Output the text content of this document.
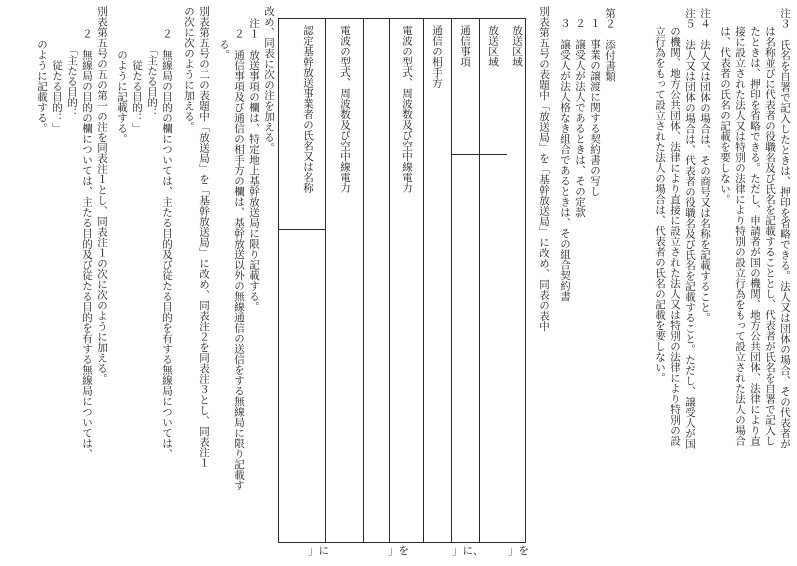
注３　氏名を自署で記入したときは、押印を省略できる。法人又は団体の場合、その代表者が
は名称並びに代表者の役職名及び氏名を記載することとし、代表者が氏名を自署で記入し
たときは、押印を省略できる。ただし、申請者が国の機関、地方公共団体、法律により直
接に設立された法人又は特別の法律により特別の設立行為をもって設立された法人の場合
は、代表者の氏名の記載を要しない。
注４　法人又は団体の場合は、その商号又は名称を記載すること。
注５　法人又は団体の場合は、代表者の役職名及び氏名を記載すること。ただし、譲受人が国
の機関、地方公共団体、法律により直接に設立された法人又は特別の法律により特別の設
立行為をもって設立された法人の場合は、代表者の氏名の記載を要しない。
第２　添付書類
１　事業の譲渡に関する契約書の写し
２　譲受人が法人であるときは、その定款
３　譲受人が法人格なき組合であるときは、その組合契約書
別表第五号の表題中「放送局」を「基幹放送局」に改め、同表の表中
放送区域
放送区域
通信事項
通信の相手方
電波の型式、周波数及び空中線電力
電波の型式、周波数及び空中線電力
認定基幹放送事業者の氏名又は名称
」を
」に、
」を
」に
改め、同表に次の注を加える。
注１　放送事項の欄は、特定地上基幹放送局に限り記載する。
　２　通信事項及び通信の相手方の欄は、基幹放送以外の無線通信の送信をする無線局に限り記載す
　　る。
別表第五号の二の表題中「放送局」を「基幹放送局」に改め、同表注２を同表注３とし、同表注１
の次に次のように加える。
　２　無線局の目的の欄については、主たる目的及び従たる目的を有する無線局については、
　　　「主たる目的：
　　　　従たる目的：」
　　　のように記載する。
別表第五号の五の第一の注を同表注１とし、同表注１の次に次のように加える。
　２　無線局の目的の欄については、主たる目的及び従たる目的を有する無線局については、
　　　「主たる目的：
　　　　従たる目的：」
　　のように記載する。
